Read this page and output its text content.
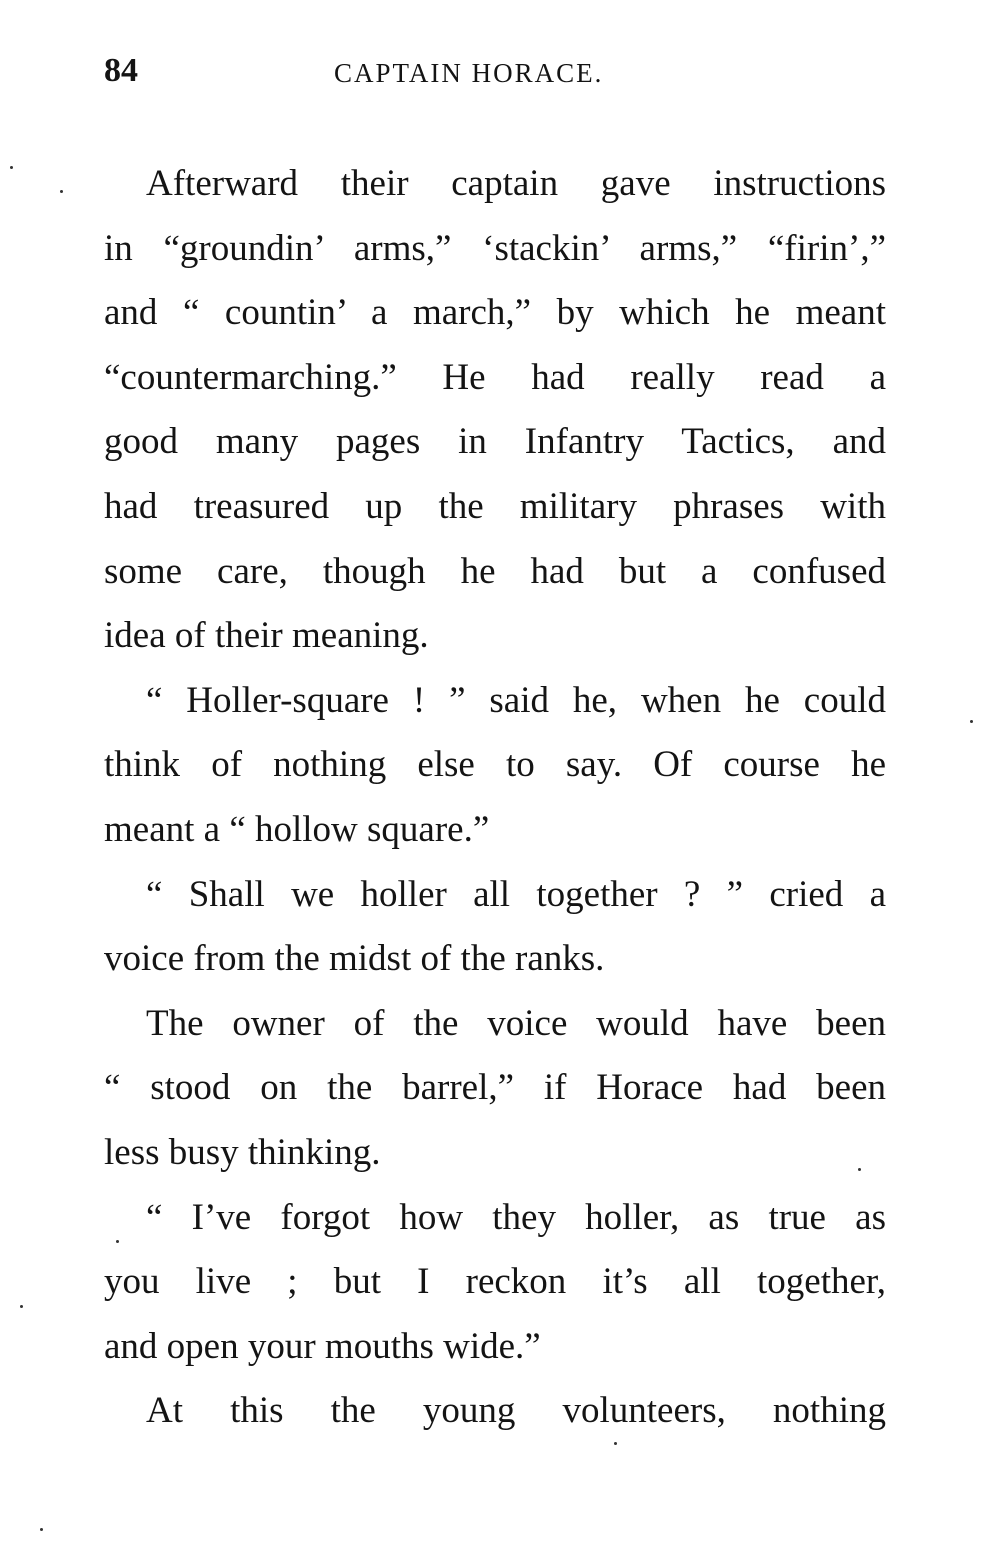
84	CAPTAIN HORACE.
Afterward their captain gave instructions
in “groundin’ arms,” ‘stackin’ arms,” “firin’,”
and “ countin’ a march,” by which he meant
“countermarching.” He had really read a
good many pages in Infantry Tactics, and
had treasured up the military phrases with
some care, though he had but a confused
idea of their meaning.
“ Holler-square ! ” said he, when he could
think of nothing else to say. Of course he
meant a “ hollow square.”
“ Shall we holler all together ? ” cried a
voice from the midst of the ranks.
The owner of the voice would have been
“ stood on the barrel,” if Horace had been
less busy thinking.
“ I’ve forgot how they holler, as true as
you live ; but I reckon it’s all together,
and open your mouths wide.”
At this the young volunteers, nothing
